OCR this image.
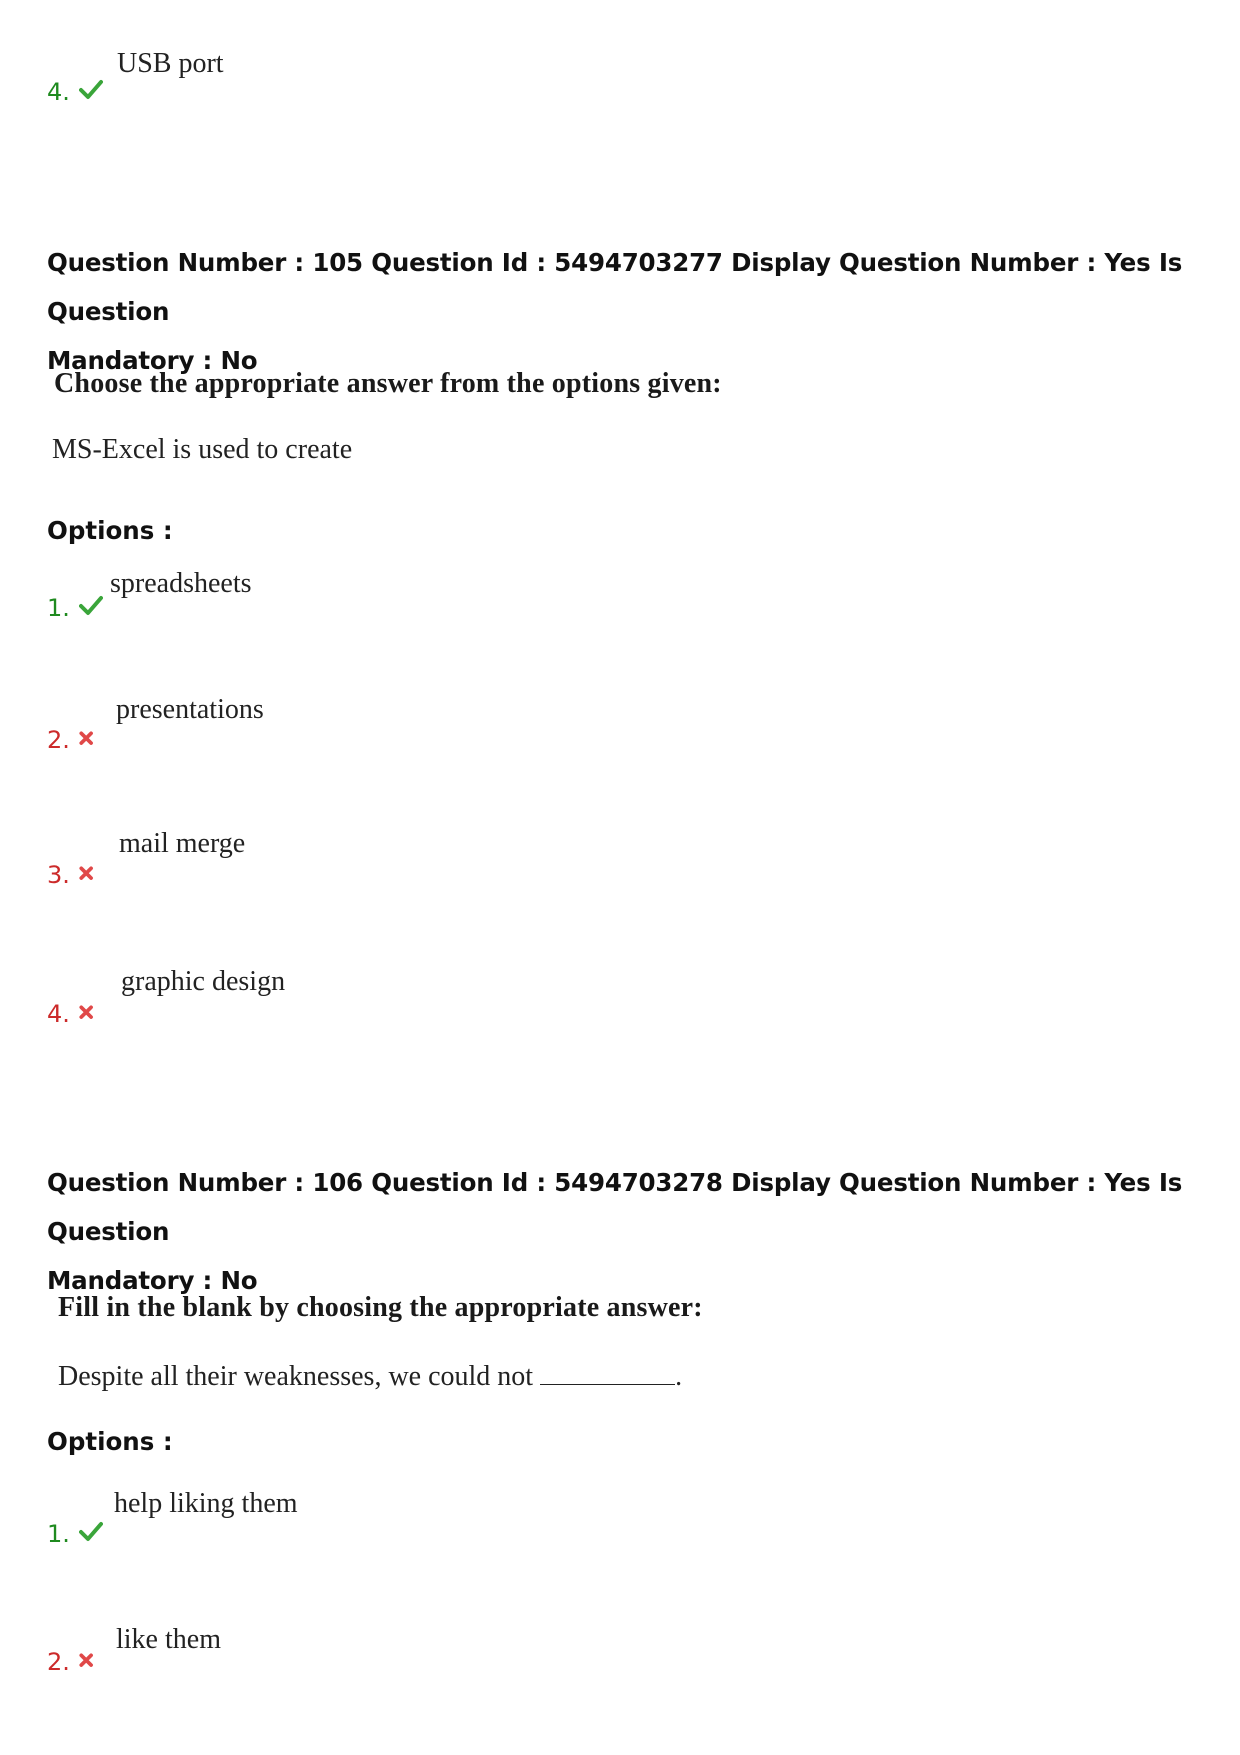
4.
USB port
Question Number : 105 Question Id : 5494703277 Display Question Number : Yes Is Question
Mandatory : No
Choose the appropriate answer from the options given:
MS-Excel is used to create
Options :
1.
spreadsheets
2.
presentations
3.
mail merge
4.
graphic design
Question Number : 106 Question Id : 5494703278 Display Question Number : Yes Is Question
Mandatory : No
Fill in the blank by choosing the appropriate answer:
Despite all their weaknesses, we could not	.
Options :
1.
help liking them
2.
like them
